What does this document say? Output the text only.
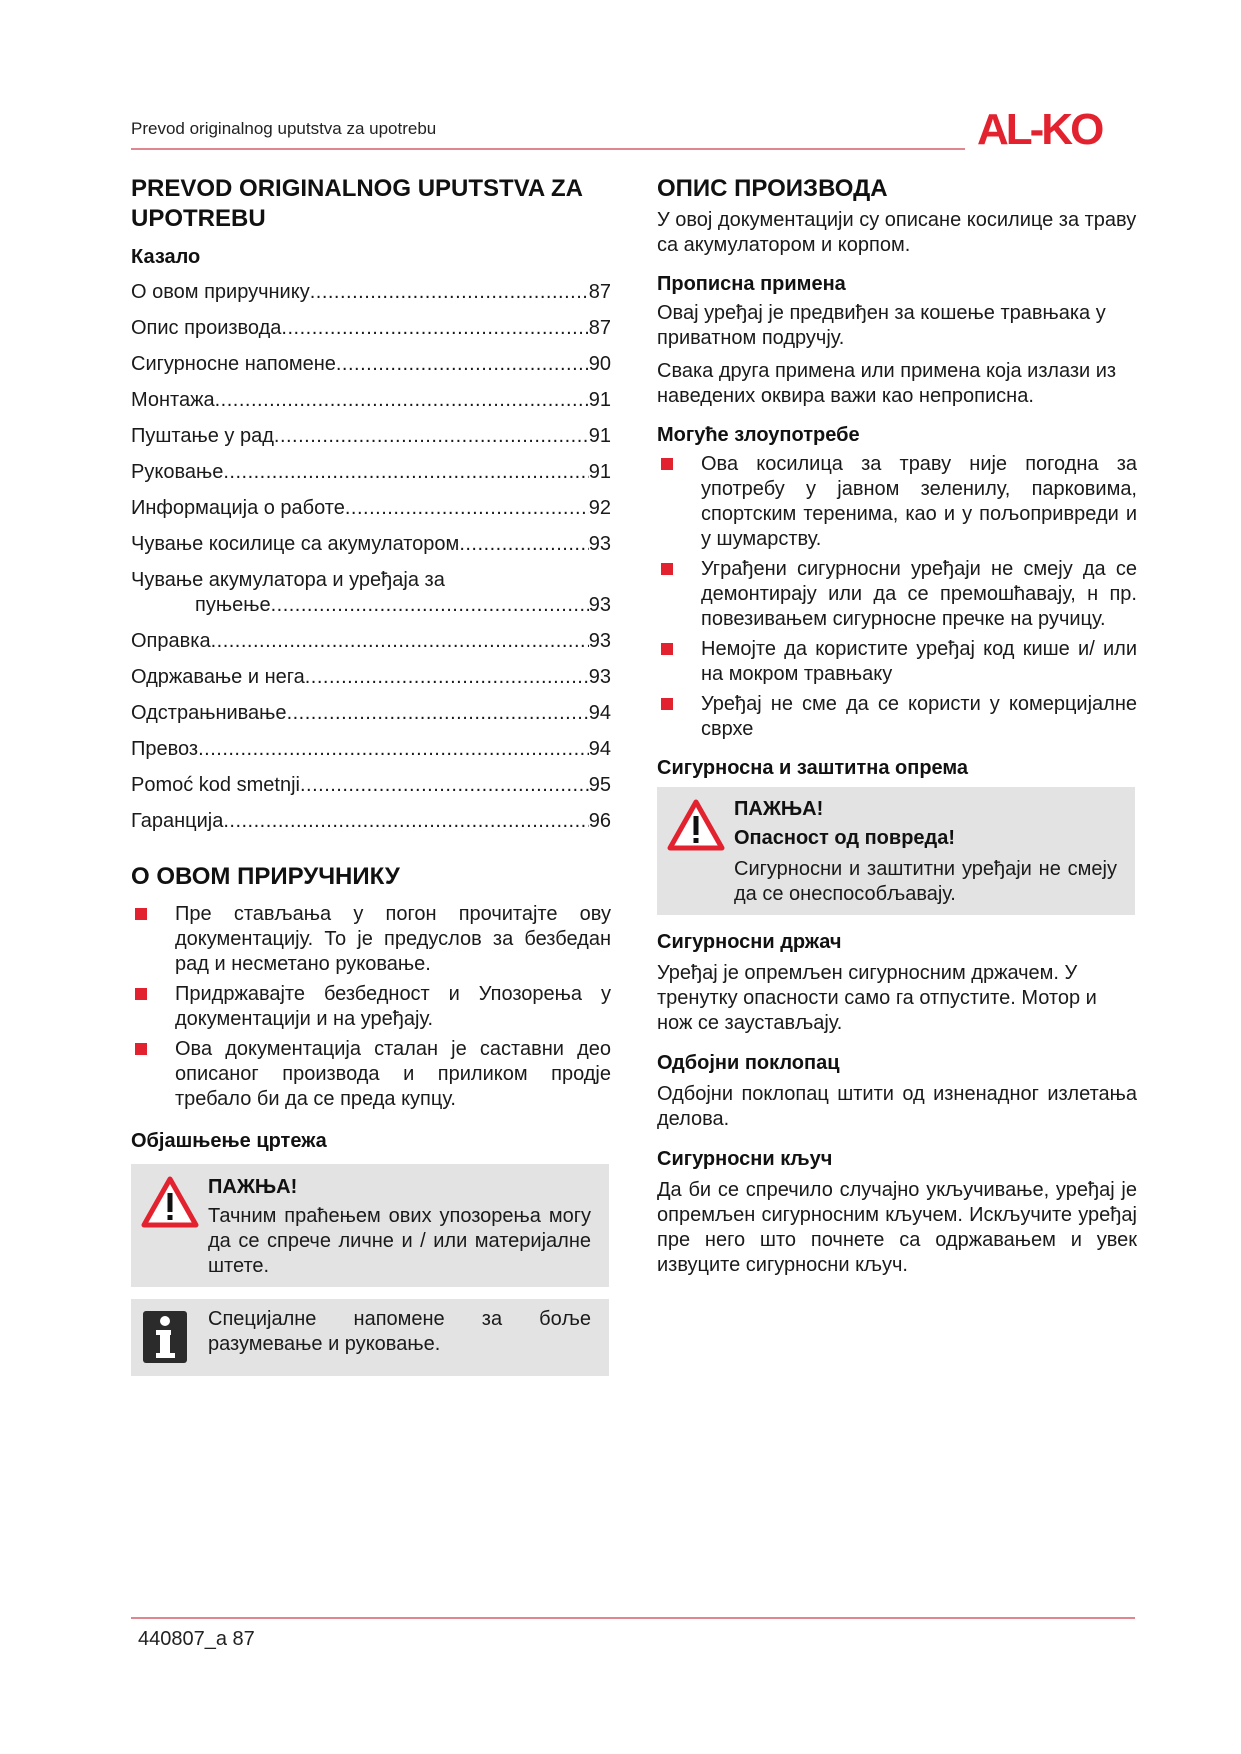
Prevod originalnog uputstva za upotrebu	AL-KO
PREVOD ORIGINALNOG UPUTSTVA ZA UPOTREBU
Казало
О овом приручнику .....	87
Опис производа .....	87
Сигурносне напомене .....	90
Монтажа .....	91
Пуштање у рад .....	91
Руковање .....	91
Информација о работе .....	92
Чување косилице са акумулатором .....	93
Чување акумулатора и уређаја за
пуњење .....	93
Оправка .....	93
Одржавање и нега .....	93
Одстрањнивање .....	94
Превоз .....	94
Pomoć kod smetnji .....	95
Гаранција .....	96
О ОВОМ ПРИРУЧНИКУ
Пре стављања у погон прочитајте ову документацију. То је предуслов за безбедан рад и несметано руковање.
Придржавајте безбедност и Упозорења у документацији и на уређају.
Ова документација сталан је саставни део описаног производа и приликом продје требало би да се преда купцу.
Објашњење цртежа
ПАЖЊА!

Тачним праћењем ових упозорења могу да се спрече личне и / или материјалне штете.

Специјалне напомене за боље разумевање и руковање.

ОПИС ПРОИЗВОДА

У овој документацији су описане косилице за траву са акумулатором и корпом.

Прописна примена

Овај уређај је предвиђен за кошење травњака у приватном подручју.

Свака друга примена или примена која излази из наведених оквира важи као непрописна.

Могуће злоупотребе
Ова косилица за траву није погодна за употребу у јавном зеленилу, парковима, спортским теренима, као и у пољопривреди и у шумарству.
Уграђени сигурносни уређаји не смеју да се демонтирају или да се премошћавају, н пр. повезивањем сигурносне пречке на ручицу.
Немојте да користите уређај код кише и/ или на мокром травњаку
Уређај не сме да се користи у комерцијалне сврхе
Сигурносна и заштитна опрема
ПАЖЊА!
Опасност од повреда!

Сигурносни и заштитни уређаји не смеју да се онеспособљавају.

Сигурносни држач

Уређај је опремљен сигурносним држачем. У тренутку опасности само га отпустите. Мотор и нож се заустављају.

Одбојни поклопац

Одбојни поклопац штити од изненадног излетања делова.

Сигурносни кључ

Да би се спречило случајно укључивање, уређај је опремљен сигурносним кључем. Искључите уређај пре него што почнете са одржавањем и увек извуците сигурносни кључ.

440807_a 87
